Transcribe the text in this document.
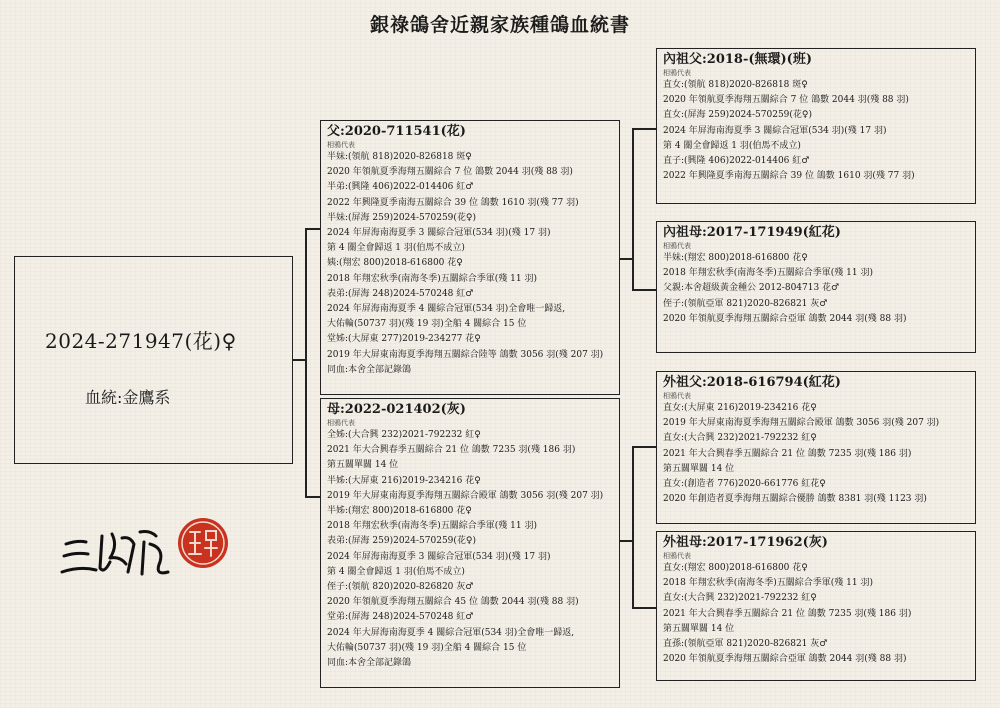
銀祿鴿舍近親家族種鴿血統書
2024-271947(花)♀
血統:金鷹系
父:2020-711541(花)
相鴉代表
半妹:(領航 818)2020-826818 斑♀
2020 年領航夏季海翔五關綜合 7 位 鴿數 2044 羽(殘 88 羽)
半弟:(興隆 406)2022-014406 紅♂
2022 年興隆夏季南海五關綜合 39 位 鴿數 1610 羽(殘 77 羽)
半妹:(屏海 259)2024-570259(花♀)
2024 年屏海南海夏季 3 關綜合冠軍(534 羽)(殘 17 羽)
第 4 關全會歸返 1 羽(伯馬不成立)
姨:(翔宏 800)2018-616800 花♀
2018 年翔宏秋季(南海冬季)五關綜合季軍(殘 11 羽)
表弟:(屏海 248)2024-570248 紅♂
2024 年屏海南海夏季 4 關綜合冠軍(534 羽)全會唯一歸返,
大佑輪(50737 羽)(殘 19 羽)全船 4 關綜合 15 位
堂姊:(大屏東 277)2019-234277 花♀
2019 年大屏東南海夏季海翔五關綜合陸等 鴿數 3056 羽(殘 207 羽)
同血:本舍全部記錄鴿
母:2022-021402(灰)
相鴉代表
全姊:(大合興 232)2021-792232 紅♀
2021 年大合興春季五關綜合 21 位 鴿數 7235 羽(殘 186 羽)
第五關單關 14 位
半姊:(大屏東 216)2019-234216 花♀
2019 年大屏東南海夏季海翔五關綜合殿軍 鴿數 3056 羽(殘 207 羽)
半姊:(翔宏 800)2018-616800 花♀
2018 年翔宏秋季(南海冬季)五關綜合季軍(殘 11 羽)
表弟:(屏海 259)2024-570259(花♀)
2024 年屏海南海夏季 3 關綜合冠軍(534 羽)(殘 17 羽)
第 4 關全會歸返 1 羽(伯馬不成立)
侄子:(領航 820)2020-826820 灰♂
2020 年領航夏季海翔五關綜合 45 位 鴿數 2044 羽(殘 88 羽)
堂弟:(屏海 248)2024-570248 紅♂
2024 年大屏海南海夏季 4 關綜合冠軍(534 羽)全會唯一歸返,
大佑輪(50737 羽)(殘 19 羽)全船 4 關綜合 15 位
同血:本舍全部記錄鴿
內祖父:2018-(無環)(班)
相鴉代表
直女:(領航 818)2020-826818 斑♀
2020 年領航夏季海翔五關綜合 7 位 鴿數 2044 羽(殘 88 羽)
直女:(屏海 259)2024-570259(花♀)
2024 年屏海南海夏季 3 關綜合冠軍(534 羽)(殘 17 羽)
第 4 關全會歸返 1 羽(伯馬不成立)
直子:(興隆 406)2022-014406 紅♂
2022 年興隆夏季南海五關綜合 39 位 鴿數 1610 羽(殘 77 羽)
內祖母:2017-171949(紅花)
相鴉代表
半妹:(翔宏 800)2018-616800 花♀
2018 年翔宏秋季(南海冬季)五關綜合季軍(殘 11 羽)
父親:本舍超級黃金種公 2012-804713 花♂
侄子:(領航亞軍 821)2020-826821 灰♂
2020 年領航夏季海翔五關綜合亞軍 鴿數 2044 羽(殘 88 羽)
外祖父:2018-616794(紅花)
相鴉代表
直女:(大屏東 216)2019-234216 花♀
2019 年大屏東南海夏季海翔五關綜合殿軍 鴿數 3056 羽(殘 207 羽)
直女:(大合興 232)2021-792232 紅♀
2021 年大合興春季五關綜合 21 位 鴿數 7235 羽(殘 186 羽)
第五關單關 14 位
直女:(創造者 776)2020-661776 紅花♀
2020 年創造者夏季海翔五關綜合優勝 鴿數 8381 羽(殘 1123 羽)
外祖母:2017-171962(灰)
相鴉代表
直女:(翔宏 800)2018-616800 花♀
2018 年翔宏秋季(南海冬季)五關綜合季軍(殘 11 羽)
直女:(大合興 232)2021-792232 紅♀
2021 年大合興春季五關綜合 21 位 鴿數 7235 羽(殘 186 羽)
第五關單關 14 位
直孫:(領航亞軍 821)2020-826821 灰♂
2020 年領航夏季海翔五關綜合亞軍 鴿數 2044 羽(殘 88 羽)
